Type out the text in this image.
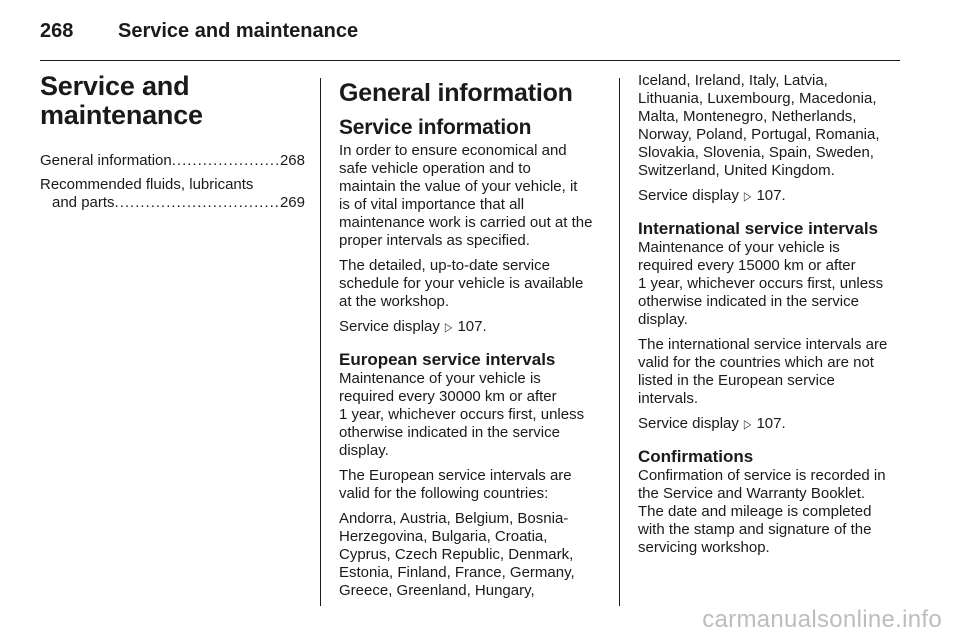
268 Service and maintenance
Service and
maintenance
General information .....	268
Recommended fluids, lubricants
and parts .....	269
General information
Service information

In order to ensure economical and
safe vehicle operation and to
maintain the value of your vehicle, it
is of vital importance that all
maintenance work is carried out at the
proper intervals as specified.

The detailed, up-to-date service
schedule for your vehicle is available
at the workshop.

Service display ▷ 107.

European service intervals

Maintenance of your vehicle is
required every 30000 km or after
1 year, whichever occurs first, unless
otherwise indicated in the service
display.

The European service intervals are
valid for the following countries:

Andorra, Austria, Belgium, Bosnia-
Herzegovina, Bulgaria, Croatia,
Cyprus, Czech Republic, Denmark,
Estonia, Finland, France, Germany,
Greece, Greenland, Hungary,

Iceland, Ireland, Italy, Latvia,
Lithuania, Luxembourg, Macedonia,
Malta, Montenegro, Netherlands,
Norway, Poland, Portugal, Romania,
Slovakia, Slovenia, Spain, Sweden,
Switzerland, United Kingdom.

Service display ▷ 107.

International service intervals

Maintenance of your vehicle is
required every 15000 km or after
1 year, whichever occurs first, unless
otherwise indicated in the service
display.

The international service intervals are
valid for the countries which are not
listed in the European service
intervals.

Service display ▷ 107.

Confirmations

Confirmation of service is recorded in
the Service and Warranty Booklet.
The date and mileage is completed
with the stamp and signature of the
servicing workshop.

carmanualsonline.info
